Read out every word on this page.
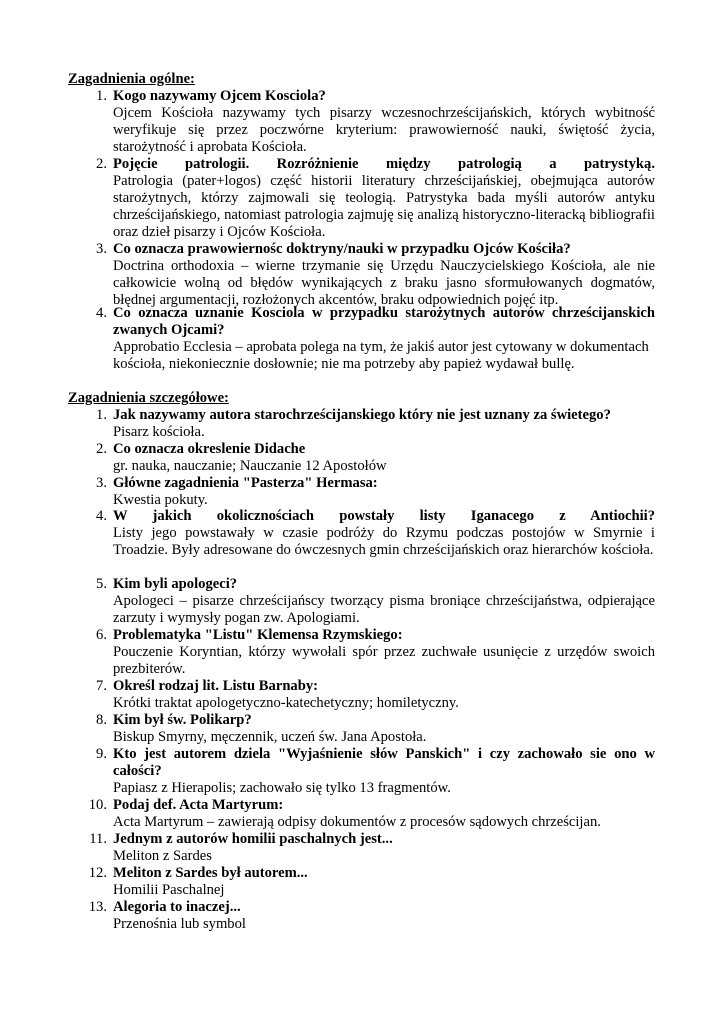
Zagadnienia ogólne:
1. Kogo nazywamy Ojcem Kosciola?
Ojcem Kościoła nazywamy tych pisarzy wczesnochrześcijańskich, których wybitność weryfikuje się przez poczwórne kryterium: prawowierność nauki, świętość życia, starożytność i aprobata Kościoła.
2. Pojęcie patrologii. Rozróżnienie między patrologią a patrystyką.
Patrologia (pater+logos) część historii literatury chrześcijańskiej, obejmująca autorów starożytnych, którzy zajmowali się teologią. Patrystyka bada myśli autorów antyku chrześcijańskiego, natomiast patrologia zajmuję się analizą historyczno-literacką bibliografii oraz dzieł pisarzy i Ojców Kościoła.
3. Co oznacza prawowiernośc doktryny/nauki w przypadku Ojców Kościła?
Doctrina orthodoxia – wierne trzymanie się Urzędu Nauczycielskiego Kościoła, ale nie całkowicie wolną od błędów wynikających z braku jasno sformułowanych dogmatów,      błędnej argumentacji, rozłożonych akcentów, braku odpowiednich pojęć itp.
4. Co oznacza uznanie Kosciola w przypadku starożytnych autorów chrześcijanskich zwanych Ojcami?
Approbatio Ecclesia – aprobata polega na tym, że jakiś autor jest cytowany w dokumentach kościoła, niekoniecznie dosłownie; nie ma potrzeby aby papież wydawał bullę.
Zagadnienia szczegółowe:
1. Jak nazywamy autora starochrześcijanskiego który nie jest uznany za świetego?
Pisarz kościoła.
2. Co oznacza okreslenie Didache
gr. nauka, nauczanie; Nauczanie 12 Apostołów
3. Główne zagadnienia "Pasterza" Hermasa:
Kwestia pokuty.
4. W jakich okolicznościach powstały listy Iganacego z Antiochii?
Listy jego powstawały w czasie podróży do Rzymu podczas postojów w Smyrnie i Troadzie. Były adresowane do ówczesnych gmin chrześcijańskich oraz hierarchów kościoła.
5. Kim byli apologeci?
Apologeci – pisarze chrześcijańscy tworzący pisma broniące chrześcijaństwa, odpierające zarzuty i wymysły pogan zw. Apologiami.
6. Problematyka "Listu" Klemensa Rzymskiego:
Pouczenie Koryntian, którzy wywołali spór przez zuchwałe usunięcie z urzędów swoich prezbiterów.
7. Określ rodzaj lit. Listu Barnaby:
Krótki traktat apologetyczno-katechetyczny; homiletyczny.
8. Kim był św. Polikarp?
Biskup Smyrny, męczennik, uczeń św. Jana Apostoła.
9. Kto jest autorem dziela "Wyjaśnienie słów Panskich" i czy zachowało sie ono w całości?
Papiasz z Hierapolis; zachowało się tylko 13 fragmentów.
10. Podaj def. Acta Martyrum:
Acta Martyrum – zawierają odpisy dokumentów z procesów sądowych chrześcijan.
11. Jednym z autorów homilii paschalnych jest...
Meliton z Sardes
12. Meliton z Sardes był autorem...
Homilii Paschalnej
13. Alegoria to inaczej...
Przenośnia lub symbol
